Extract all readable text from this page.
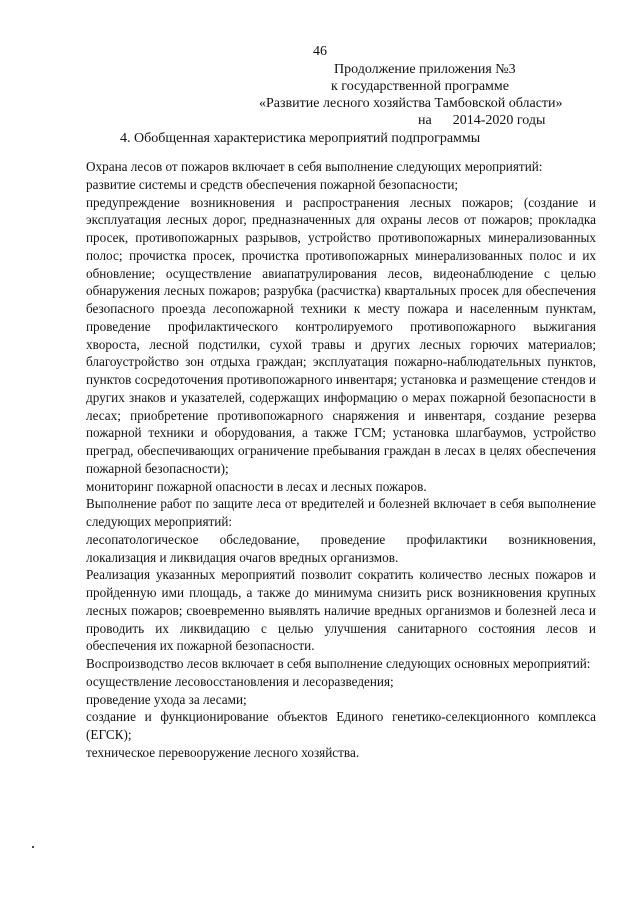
46
Продолжение приложения №3
к государственной программе
«Развитие лесного хозяйства Тамбовской области»
на      2014-2020 годы
4. Обобщенная характеристика мероприятий подпрограммы

Охрана лесов от пожаров включает в себя выполнение следующих мероприятий:

развитие системы и средств обеспечения пожарной безопасности;

предупреждение возникновения и распространения лесных пожаров; (создание и эксплуатация лесных дорог, предназначенных для охраны лесов от пожаров; прокладка просек, противопожарных разрывов, устройство противопожарных минерализованных полос; прочистка просек, прочистка противопожарных минерализованных полос и их обновление; осуществление авиапатрулирования лесов, видеонаблюдение с целью обнаружения лесных пожаров; разрубка (расчистка) квартальных просек для обеспечения безопасного проезда лесопожарной техники к месту пожара и населенным пунктам, проведение профилактического контролируемого противопожарного выжигания хвороста, лесной подстилки, сухой травы и других лесных горючих материалов; благоустройство зон отдыха граждан; эксплуатация пожарно-наблюдательных пунктов, пунктов сосредоточения противопожарного инвентаря; установка и размещение стендов и других знаков и указателей, содержащих информацию о мерах пожарной безопасности в лесах; приобретение противопожарного снаряжения и инвентаря, создание резерва пожарной техники и оборудования, а также ГСМ; установка шлагбаумов, устройство преград, обеспечивающих ограничение пребывания граждан в лесах в целях обеспечения пожарной безопасности);

мониторинг пожарной опасности в лесах и лесных пожаров.

Выполнение работ по защите леса от вредителей и болезней включает в себя выполнение следующих мероприятий:

лесопатологическое обследование, проведение профилактики возникновения, локализация и ликвидация очагов вредных организмов.

Реализация указанных мероприятий позволит сократить количество лесных пожаров и пройденную ими площадь, а также до минимума снизить риск возникновения крупных лесных пожаров; своевременно выявлять наличие вредных организмов и болезней леса и проводить их ликвидацию с целью улучшения санитарного состояния лесов и обеспечения их пожарной безопасности.

Воспроизводство лесов включает в себя выполнение следующих основных мероприятий:

осуществление лесовосстановления и лесоразведения;

проведение ухода за лесами;

создание и функционирование объектов Единого генетико-селекционного комплекса (ЕГСК);

техническое перевооружение лесного хозяйства.
